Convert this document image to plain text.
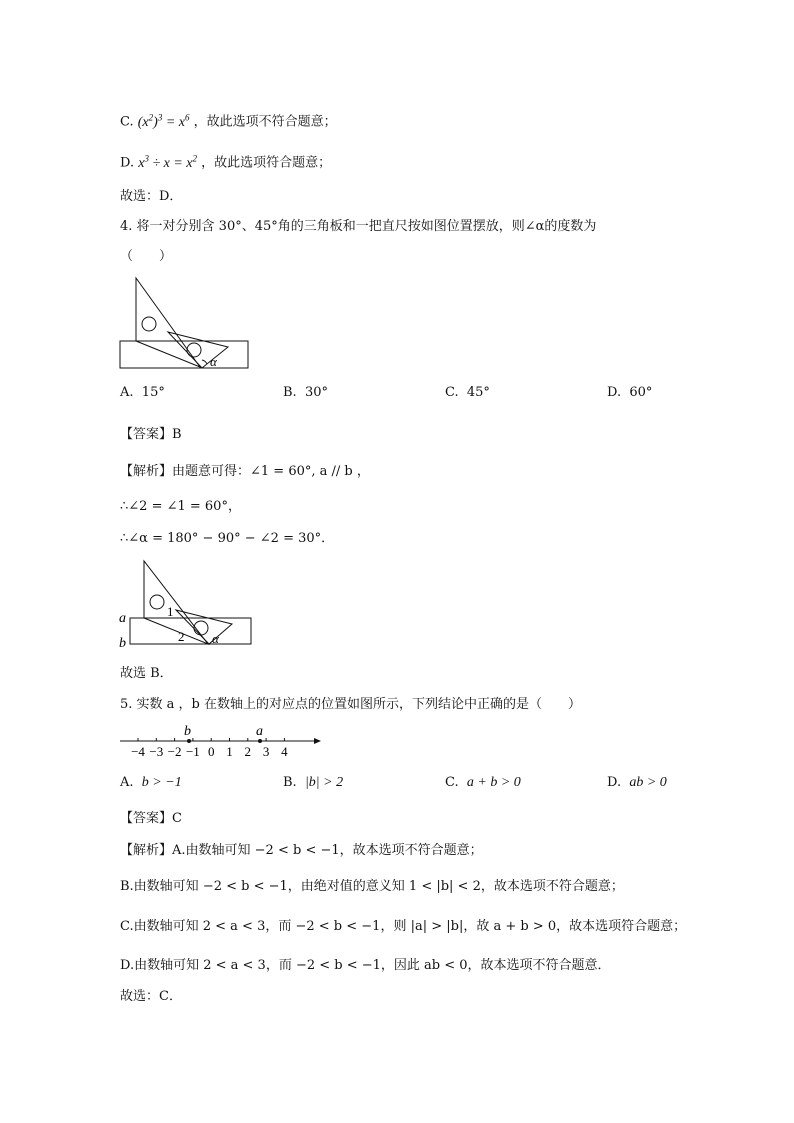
C. $(x^2)^3 = x^6$ ，故此选项不符合题意；
D. $x^3 \div x = x^2$ ，故此选项符合题意；
故选：D．
4. 将一对分别含 30°、45°角的三角板和一把直尺按如图位置摆放，则∠α的度数为
（　　）
α
A. 15°	B. 30°	C. 45°	D. 60°
【答案】B
【解析】由题意可得：∠1 = 60°, a // b ，
∴∠2 = ∠1 = 60°，
∴∠α = 180° − 90° − ∠2 = 30°．
a
b
1
2 α
故选 B．
5. 实数 a ，b 在数轴上的对应点的位置如图所示，下列结论中正确的是（　　）
−4 −3 −2 −1 0 1 2 3 4
b	a
A. b > −1	B. |b| > 2	C. a + b > 0	D. ab > 0
【答案】C
【解析】A.由数轴可知 −2 < b < −1，故本选项不符合题意；
B.由数轴可知 −2 < b < −1，由绝对值的意义知 1 < |b| < 2，故本选项不符合题意；
C.由数轴可知 2 < a < 3，而 −2 < b < −1，则 |a| > |b|，故 a + b > 0，故本选项符合题意；
D.由数轴可知 2 < a < 3，而 −2 < b < −1，因此 ab < 0，故本选项不符合题意．
故选：C．
